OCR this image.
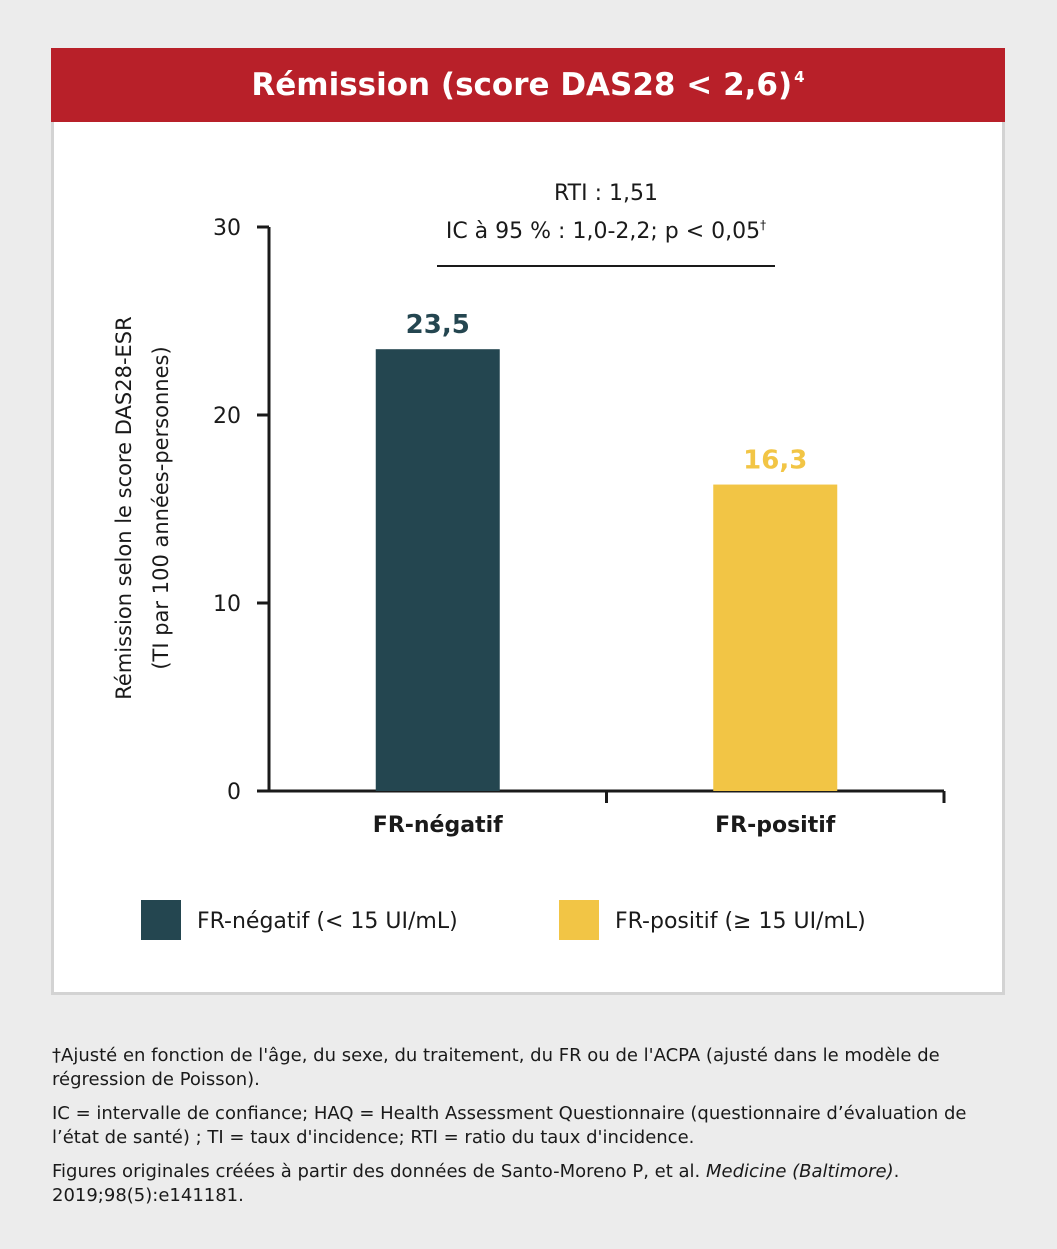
Rémission (score DAS28 < 2,6)$^4$
RTI : 1,51
IC à 95 % : 1,0-2,2; p < 0,05†
Rémission selon le score DAS28-ESR (TI par 100 années-personnes)
0
10
20
30
23,5
FR-négatif
16,3
FR-positif
FR-négatif (< 15 UI/mL)	FR-positif (≥ 15 UI/mL)

†Ajusté en fonction de l'âge, du sexe, du traitement, du FR ou de l'ACPA (ajusté dans le modèle de régression de Poisson).

IC = intervalle de confiance; HAQ = Health Assessment Questionnaire (questionnaire d’évaluation de l’état de santé) ; TI = taux d'incidence; RTI = ratio du taux d'incidence.

Figures originales créées à partir des données de Santo-Moreno P, et al. Medicine (Baltimore). 2019;98(5):e141181.
